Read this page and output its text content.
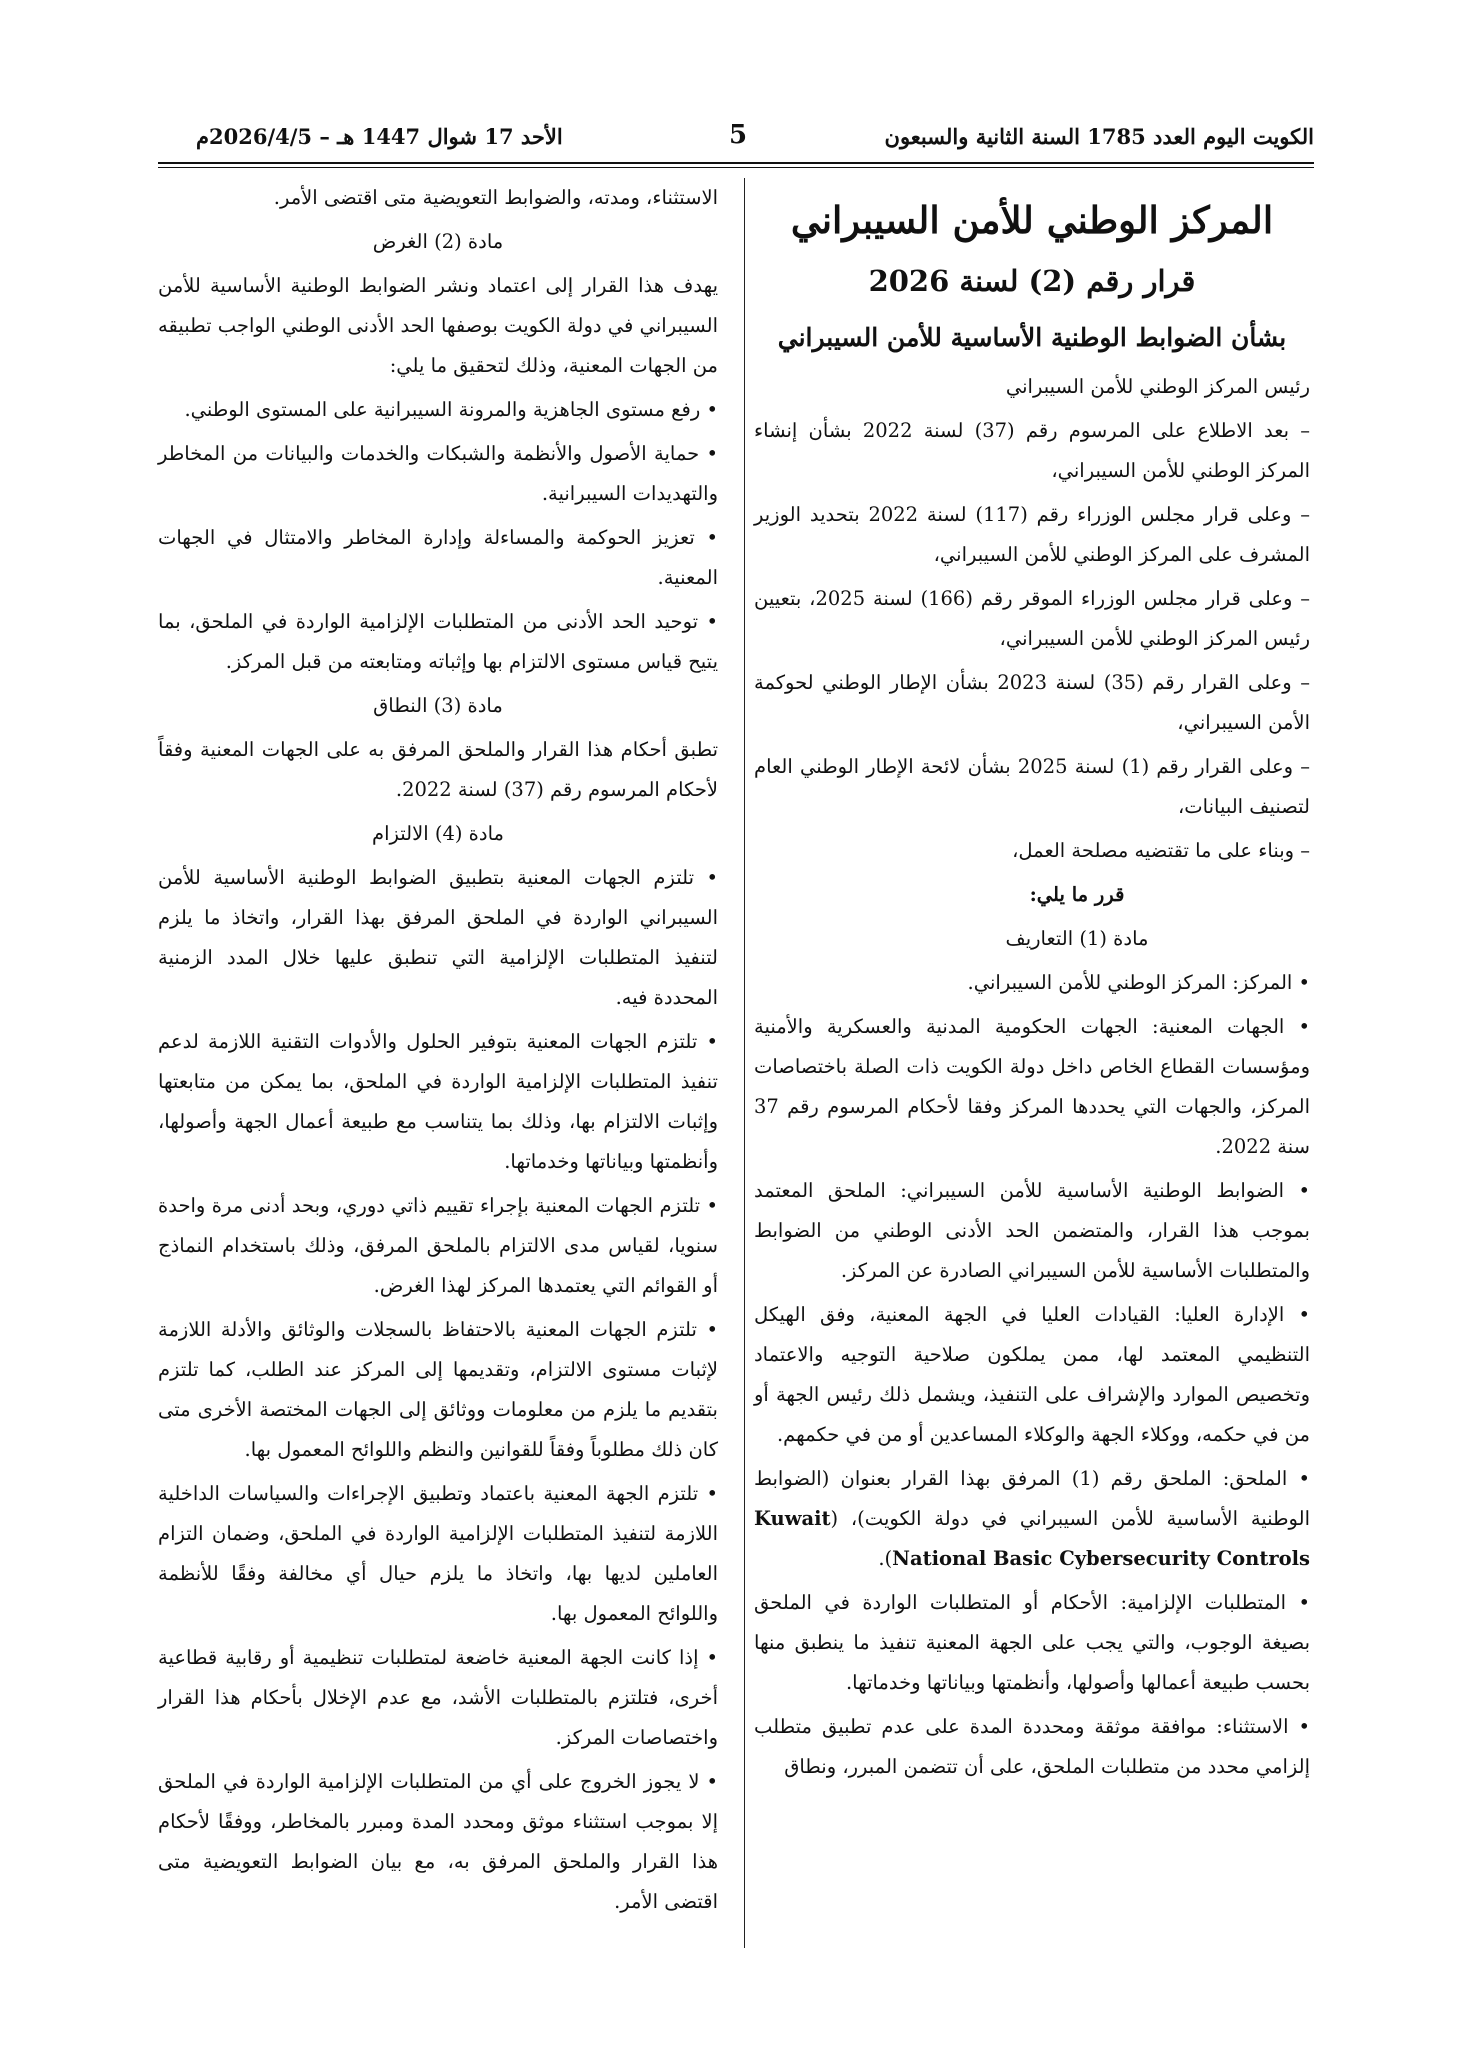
الكويت اليوم العدد 1785 السنة الثانية والسبعون
5
الأحد 17 شوال 1447 هـ – 2026/4/5م
المركز الوطني للأمن السيبراني
قرار رقم (2) لسنة 2026
بشأن الضوابط الوطنية الأساسية للأمن السيبراني

رئيس المركز الوطني للأمن السيبراني

– بعد الاطلاع على المرسوم رقم (37) لسنة 2022 بشأن إنشاء المركز الوطني للأمن السيبراني،

– وعلى قرار مجلس الوزراء رقم (117) لسنة 2022 بتحديد الوزير المشرف على المركز الوطني للأمن السيبراني،

– وعلى قرار مجلس الوزراء الموقر رقم (166) لسنة 2025، بتعيين رئيس المركز الوطني للأمن السيبراني،

– وعلى القرار رقم (35) لسنة 2023 بشأن الإطار الوطني لحوكمة الأمن السيبراني،

– وعلى القرار رقم (1) لسنة 2025 بشأن لائحة الإطار الوطني العام لتصنيف البيانات،

– وبناء على ما تقتضيه مصلحة العمل،

قرر ما يلي:

مادة (1) التعاريف

• المركز: المركز الوطني للأمن السيبراني.

• الجهات المعنية: الجهات الحكومية المدنية والعسكرية والأمنية ومؤسسات القطاع الخاص داخل دولة الكويت ذات الصلة باختصاصات المركز، والجهات التي يحددها المركز وفقا لأحكام المرسوم رقم 37 سنة 2022.

• الضوابط الوطنية الأساسية للأمن السيبراني: الملحق المعتمد بموجب هذا القرار، والمتضمن الحد الأدنى الوطني من الضوابط والمتطلبات الأساسية للأمن السيبراني الصادرة عن المركز.

• الإدارة العليا: القيادات العليا في الجهة المعنية، وفق الهيكل التنظيمي المعتمد لها، ممن يملكون صلاحية التوجيه والاعتماد وتخصيص الموارد والإشراف على التنفيذ، ويشمل ذلك رئيس الجهة أو من في حكمه، ووكلاء الجهة والوكلاء المساعدين أو من في حكمهم.

• الملحق: الملحق رقم (1) المرفق بهذا القرار بعنوان (الضوابط الوطنية الأساسية للأمن السيبراني في دولة الكويت)، (Kuwait National Basic Cybersecurity Controls).

• المتطلبات الإلزامية: الأحكام أو المتطلبات الواردة في الملحق بصيغة الوجوب، والتي يجب على الجهة المعنية تنفيذ ما ينطبق منها بحسب طبيعة أعمالها وأصولها، وأنظمتها وبياناتها وخدماتها.

• الاستثناء: موافقة موثقة ومحددة المدة على عدم تطبيق متطلب إلزامي محدد من متطلبات الملحق، على أن تتضمن المبرر، ونطاق

الاستثناء، ومدته، والضوابط التعويضية متى اقتضى الأمر.

مادة (2) الغرض

يهدف هذا القرار إلى اعتماد ونشر الضوابط الوطنية الأساسية للأمن السيبراني في دولة الكويت بوصفها الحد الأدنى الوطني الواجب تطبيقه من الجهات المعنية، وذلك لتحقيق ما يلي:

• رفع مستوى الجاهزية والمرونة السيبرانية على المستوى الوطني.

• حماية الأصول والأنظمة والشبكات والخدمات والبيانات من المخاطر والتهديدات السيبرانية.

• تعزيز الحوكمة والمساءلة وإدارة المخاطر والامتثال في الجهات المعنية.

• توحيد الحد الأدنى من المتطلبات الإلزامية الواردة في الملحق، بما يتيح قياس مستوى الالتزام بها وإثباته ومتابعته من قبل المركز.

مادة (3) النطاق

تطبق أحكام هذا القرار والملحق المرفق به على الجهات المعنية وفقاً لأحكام المرسوم رقم (37) لسنة 2022.

مادة (4) الالتزام

• تلتزم الجهات المعنية بتطبيق الضوابط الوطنية الأساسية للأمن السيبراني الواردة في الملحق المرفق بهذا القرار، واتخاذ ما يلزم لتنفيذ المتطلبات الإلزامية التي تنطبق عليها خلال المدد الزمنية المحددة فيه.

• تلتزم الجهات المعنية بتوفير الحلول والأدوات التقنية اللازمة لدعم تنفيذ المتطلبات الإلزامية الواردة في الملحق، بما يمكن من متابعتها وإثبات الالتزام بها، وذلك بما يتناسب مع طبيعة أعمال الجهة وأصولها، وأنظمتها وبياناتها وخدماتها.

• تلتزم الجهات المعنية بإجراء تقييم ذاتي دوري، وبحد أدنى مرة واحدة سنويا، لقياس مدى الالتزام بالملحق المرفق، وذلك باستخدام النماذج أو القوائم التي يعتمدها المركز لهذا الغرض.

• تلتزم الجهات المعنية بالاحتفاظ بالسجلات والوثائق والأدلة اللازمة لإثبات مستوى الالتزام، وتقديمها إلى المركز عند الطلب، كما تلتزم بتقديم ما يلزم من معلومات ووثائق إلى الجهات المختصة الأخرى متى كان ذلك مطلوباً وفقاً للقوانين والنظم واللوائح المعمول بها.

• تلتزم الجهة المعنية باعتماد وتطبيق الإجراءات والسياسات الداخلية اللازمة لتنفيذ المتطلبات الإلزامية الواردة في الملحق، وضمان التزام العاملين لديها بها، واتخاذ ما يلزم حيال أي مخالفة وفقًا للأنظمة واللوائح المعمول بها.

• إذا كانت الجهة المعنية خاضعة لمتطلبات تنظيمية أو رقابية قطاعية أخرى، فتلتزم بالمتطلبات الأشد، مع عدم الإخلال بأحكام هذا القرار واختصاصات المركز.

• لا يجوز الخروج على أي من المتطلبات الإلزامية الواردة في الملحق إلا بموجب استثناء موثق ومحدد المدة ومبرر بالمخاطر، ووفقًا لأحكام هذا القرار والملحق المرفق به، مع بيان الضوابط التعويضية متى اقتضى الأمر.
